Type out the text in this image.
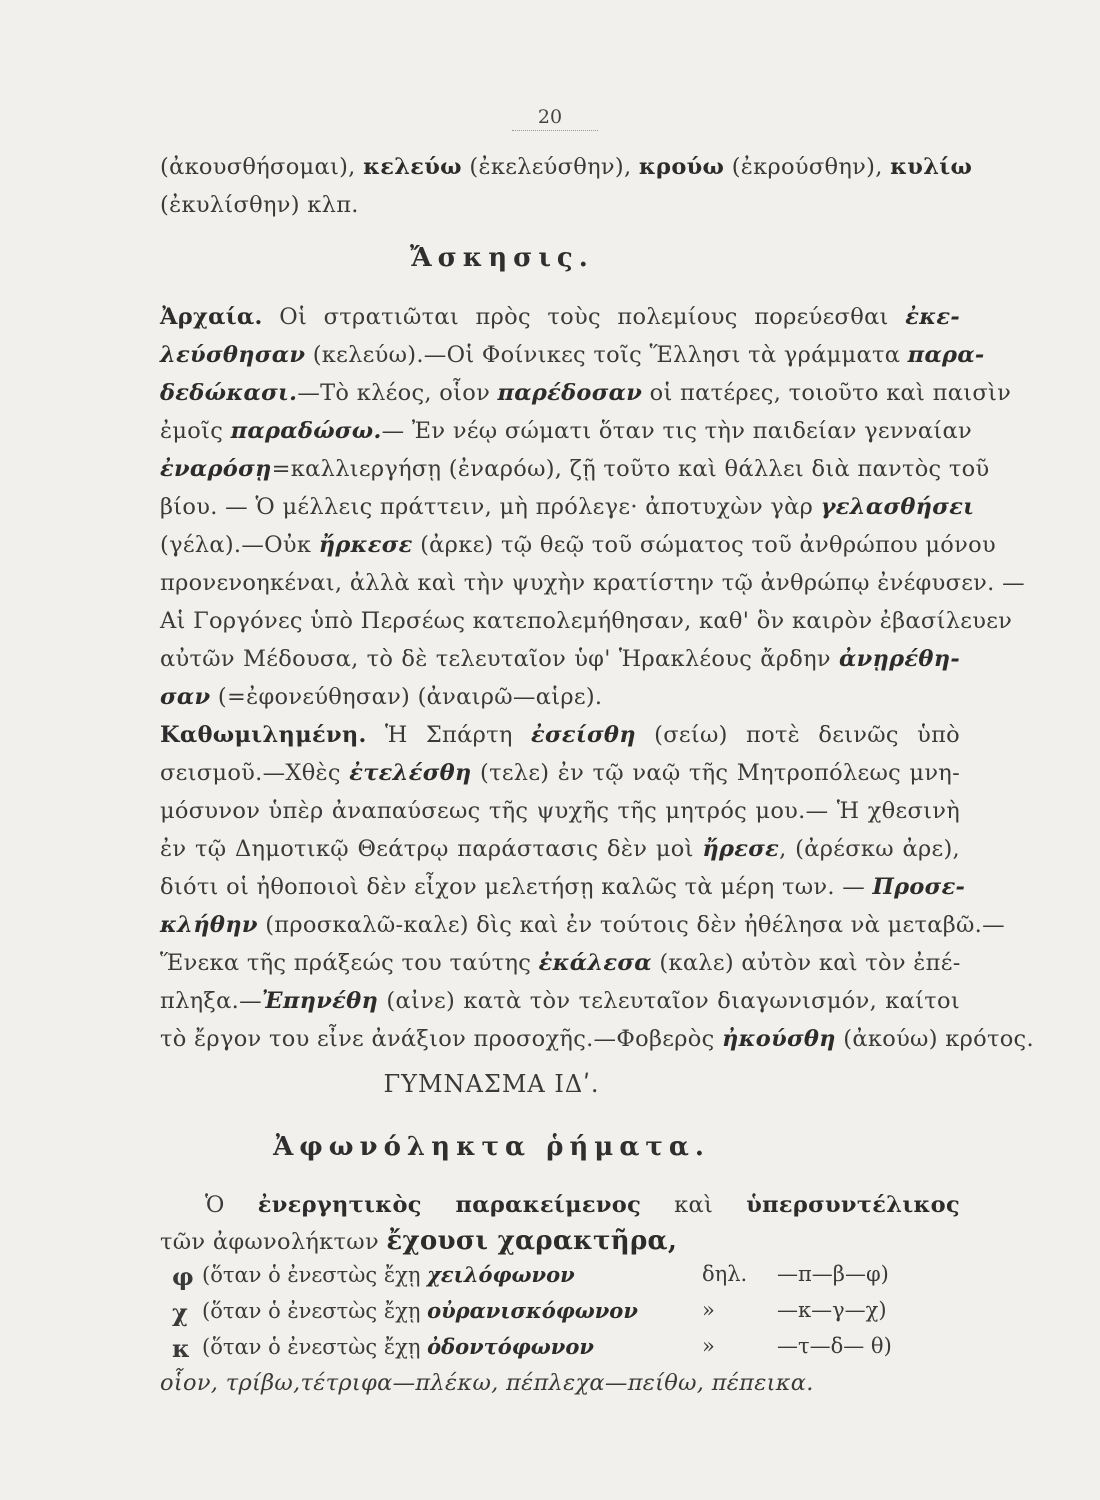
20
(ἀκουσθήσομαι), κελεύω (ἐκελεύσθην), κρούω (ἐκρούσθην), κυλίω
(ἐκυλίσθην) κλπ.
Ἄσκησις.
Ἀρχαία. Οἱ στρατιῶται πρὸς τοὺς πολεμίους πορεύεσθαι ἐκε-
λεύσθησαν (κελεύω).—Οἱ Φοίνικες τοῖς Ἕλλησι τὰ γράμματα παρα-
δεδώκασι.—Τὸ κλέος, οἷον παρέδοσαν οἱ πατέρες, τοιοῦτο καὶ παισὶν
ἐμοῖς παραδώσω.— Ἐν νέῳ σώματι ὅταν τις τὴν παιδείαν γενναίαν
ἐναρόσῃ=καλλιεργήσῃ (ἐναρόω), ζῇ τοῦτο καὶ θάλλει διὰ παντὸς τοῦ
βίου. — Ὁ μέλλεις πράττειν, μὴ πρόλεγε· ἀποτυχὼν γὰρ γελασθήσει
(γέλα).—Οὐκ ἤρκεσε (ἀρκε) τῷ θεῷ τοῦ σώματος τοῦ ἀνθρώπου μόνου
προνενοηκέναι, ἀλλὰ καὶ τὴν ψυχὴν κρατίστην τῷ ἀνθρώπῳ ἐνέφυσεν. —
Αἱ Γοργόνες ὑπὸ Περσέως κατεπολεμήθησαν, καθ' ὃν καιρὸν ἐβασίλευεν
αὐτῶν Μέδουσα, τὸ δὲ τελευταῖον ὑφ' Ἡρακλέους ἄρδην ἀνῃρέθη-
σαν (=ἐφονεύθησαν) (ἀναιρῶ—αἱρε).
Καθωμιλημένη. Ἡ Σπάρτη ἐσείσθη (σείω) ποτὲ δεινῶς ὑπὸ
σεισμοῦ.—Χθὲς ἐτελέσθη (τελε) ἐν τῷ ναῷ τῆς Μητροπόλεως μνη-
μόσυνον ὑπὲρ ἀναπαύσεως τῆς ψυχῆς τῆς μητρός μου.— Ἡ χθεσινὴ
ἐν τῷ Δημοτικῷ Θεάτρῳ παράστασις δὲν μοὶ ἤρεσε, (ἀρέσκω ἀρε),
διότι οἱ ἠθοποιοὶ δὲν εἶχον μελετήσῃ καλῶς τὰ μέρη των. — Προσε-
κλήθην (προσκαλῶ-καλε) δὶς καὶ ἐν τούτοις δὲν ἠθέλησα νὰ μεταβῶ.—
Ἕνεκα τῆς πράξεώς του ταύτης ἐκάλεσα (καλε) αὐτὸν καὶ τὸν ἐπέ-
πληξα.—Ἐπηνέθη (αἰνε) κατὰ τὸν τελευταῖον διαγωνισμόν, καίτοι
τὸ ἔργον του εἶνε ἀνάξιον προσοχῆς.—Φοβερὸς ἠκούσθη (ἀκούω) κρότος.
ΓΥΜΝΑΣΜΑ ΙΔʹ.
Ἀφωνόληκτα ῥήματα.
Ὁ ἐνεργητικὸς παρακείμενος καὶ ὑπερσυντέλικος
τῶν ἀφωνολήκτων ἔχουσι χαρακτῆρα,
φ (ὅταν ὁ ἐνεστὼς ἔχῃ χειλόφωνον	δηλ. —π—β—φ)
χ (ὅταν ὁ ἐνεστὼς ἔχῃ οὐρανισκόφωνον	»	—κ—γ—χ)
κ (ὅταν ὁ ἐνεστὼς ἔχῃ ὀδοντόφωνον	»	—τ—δ— θ)
οἷον, τρίβω,τέτριφα—πλέκω, πέπλεχα—πείθω, πέπεικα.
